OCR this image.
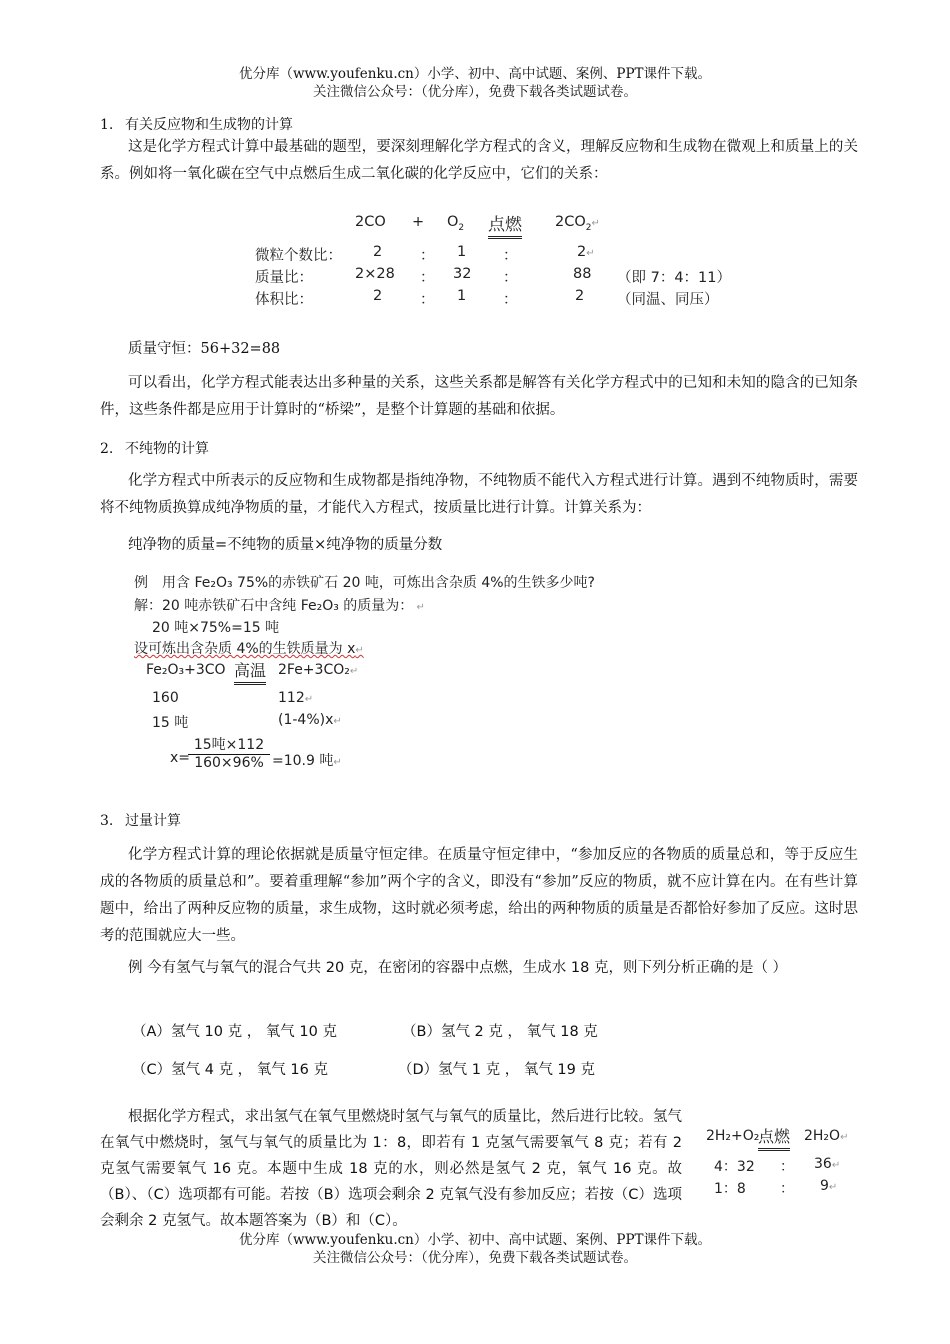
优分库（www.youfenku.cn）小学、初中、高中试题、案例、PPT课件下载。
关注微信公众号：（优分库），免费下载各类试题试卷。
1. 有关反应物和生成物的计算
这是化学方程式计算中最基础的题型，要深刻理解化学方程式的含义，理解反应物和生成物在微观上和质量上的关系。例如将一氧化碳在空气中点燃后生成二氧化碳的化学反应中，它们的关系：
$2CO + O_2$ 点燃 $2CO_2↵$
微粒个数比： 2	： 1	：	2↵
质量比：	2×28 ： 32 ：	88 （即 7：4：11）
体积比：	2	： 1	：	2 （同温、同压）
质量守恒：56+32=88
可以看出，化学方程式能表达出多种量的关系，这些关系都是解答有关化学方程式中的已知和未知的隐含的已知条件，这些条件都是应用于计算时的“桥梁”，是整个计算题的基础和依据。
2. 不纯物的计算
化学方程式中所表示的反应物和生成物都是指纯净物，不纯物质不能代入方程式进行计算。遇到不纯物质时，需要将不纯物质换算成纯净物质的量，才能代入方程式，按质量比进行计算。计算关系为：
纯净物的质量=不纯物的质量×纯净物的质量分数
例　用含 Fe₂O₃ 75%的赤铁矿石 20 吨，可炼出含杂质 4%的生铁多少吨?
解：20 吨赤铁矿石中含纯 Fe₂O₃ 的质量为： ↵
20 吨×75%=15 吨
设可炼出含杂质 4%的生铁质量为 x↵
Fe₂O₃+3CO 高温 2Fe+3CO₂↵
160	112↵
15 吨	(1-4%)x↵
x=
15吨×112
160×96% =10.9 吨↵
3. 过量计算
化学方程式计算的理论依据就是质量守恒定律。在质量守恒定律中，“参加反应的各物质的质量总和，等于反应生成的各物质的质量总和”。要着重理解“参加”两个字的含义，即没有“参加”反应的物质，就不应计算在内。在有些计算题中，给出了两种反应物的质量，求生成物，这时就必须考虑，给出的两种物质的质量是否都恰好参加了反应。这时思考的范围就应大一些。
例 今有氢气与氧气的混合气共 20 克，在密闭的容器中点燃，生成水 18 克，则下列分析正确的是（ ）
（A）氢气 10 克 ， 氧气 10 克	（B）氢气 2 克 ， 氧气 18 克
（C）氢气 4 克 ， 氧气 16 克	（D）氢气 1 克 ， 氧气 19 克
根据化学方程式，求出氢气在氧气里燃烧时氢气与氧气的质量比，然后进行比较。氢气在氧气中燃烧时，氢气与氧气的质量比为 1：8，即若有 1 克氢气需要氧气 8 克；若有 2 克氢气需要氧气 16 克。本题中生成 18 克的水，则必然是氢气 2 克，氧气 16 克。故（B）、（C）选项都有可能。若按（B）选项会剩余 2 克氧气没有参加反应；若按（C）选项会剩余 2 克氢气。故本题答案为（B）和（C）。
2H₂+O₂
点燃 2H₂O↵
4：32 ： 36↵
1：8 ： 9↵
优分库（www.youfenku.cn）小学、初中、高中试题、案例、PPT课件下载。
关注微信公众号：（优分库），免费下载各类试题试卷。
